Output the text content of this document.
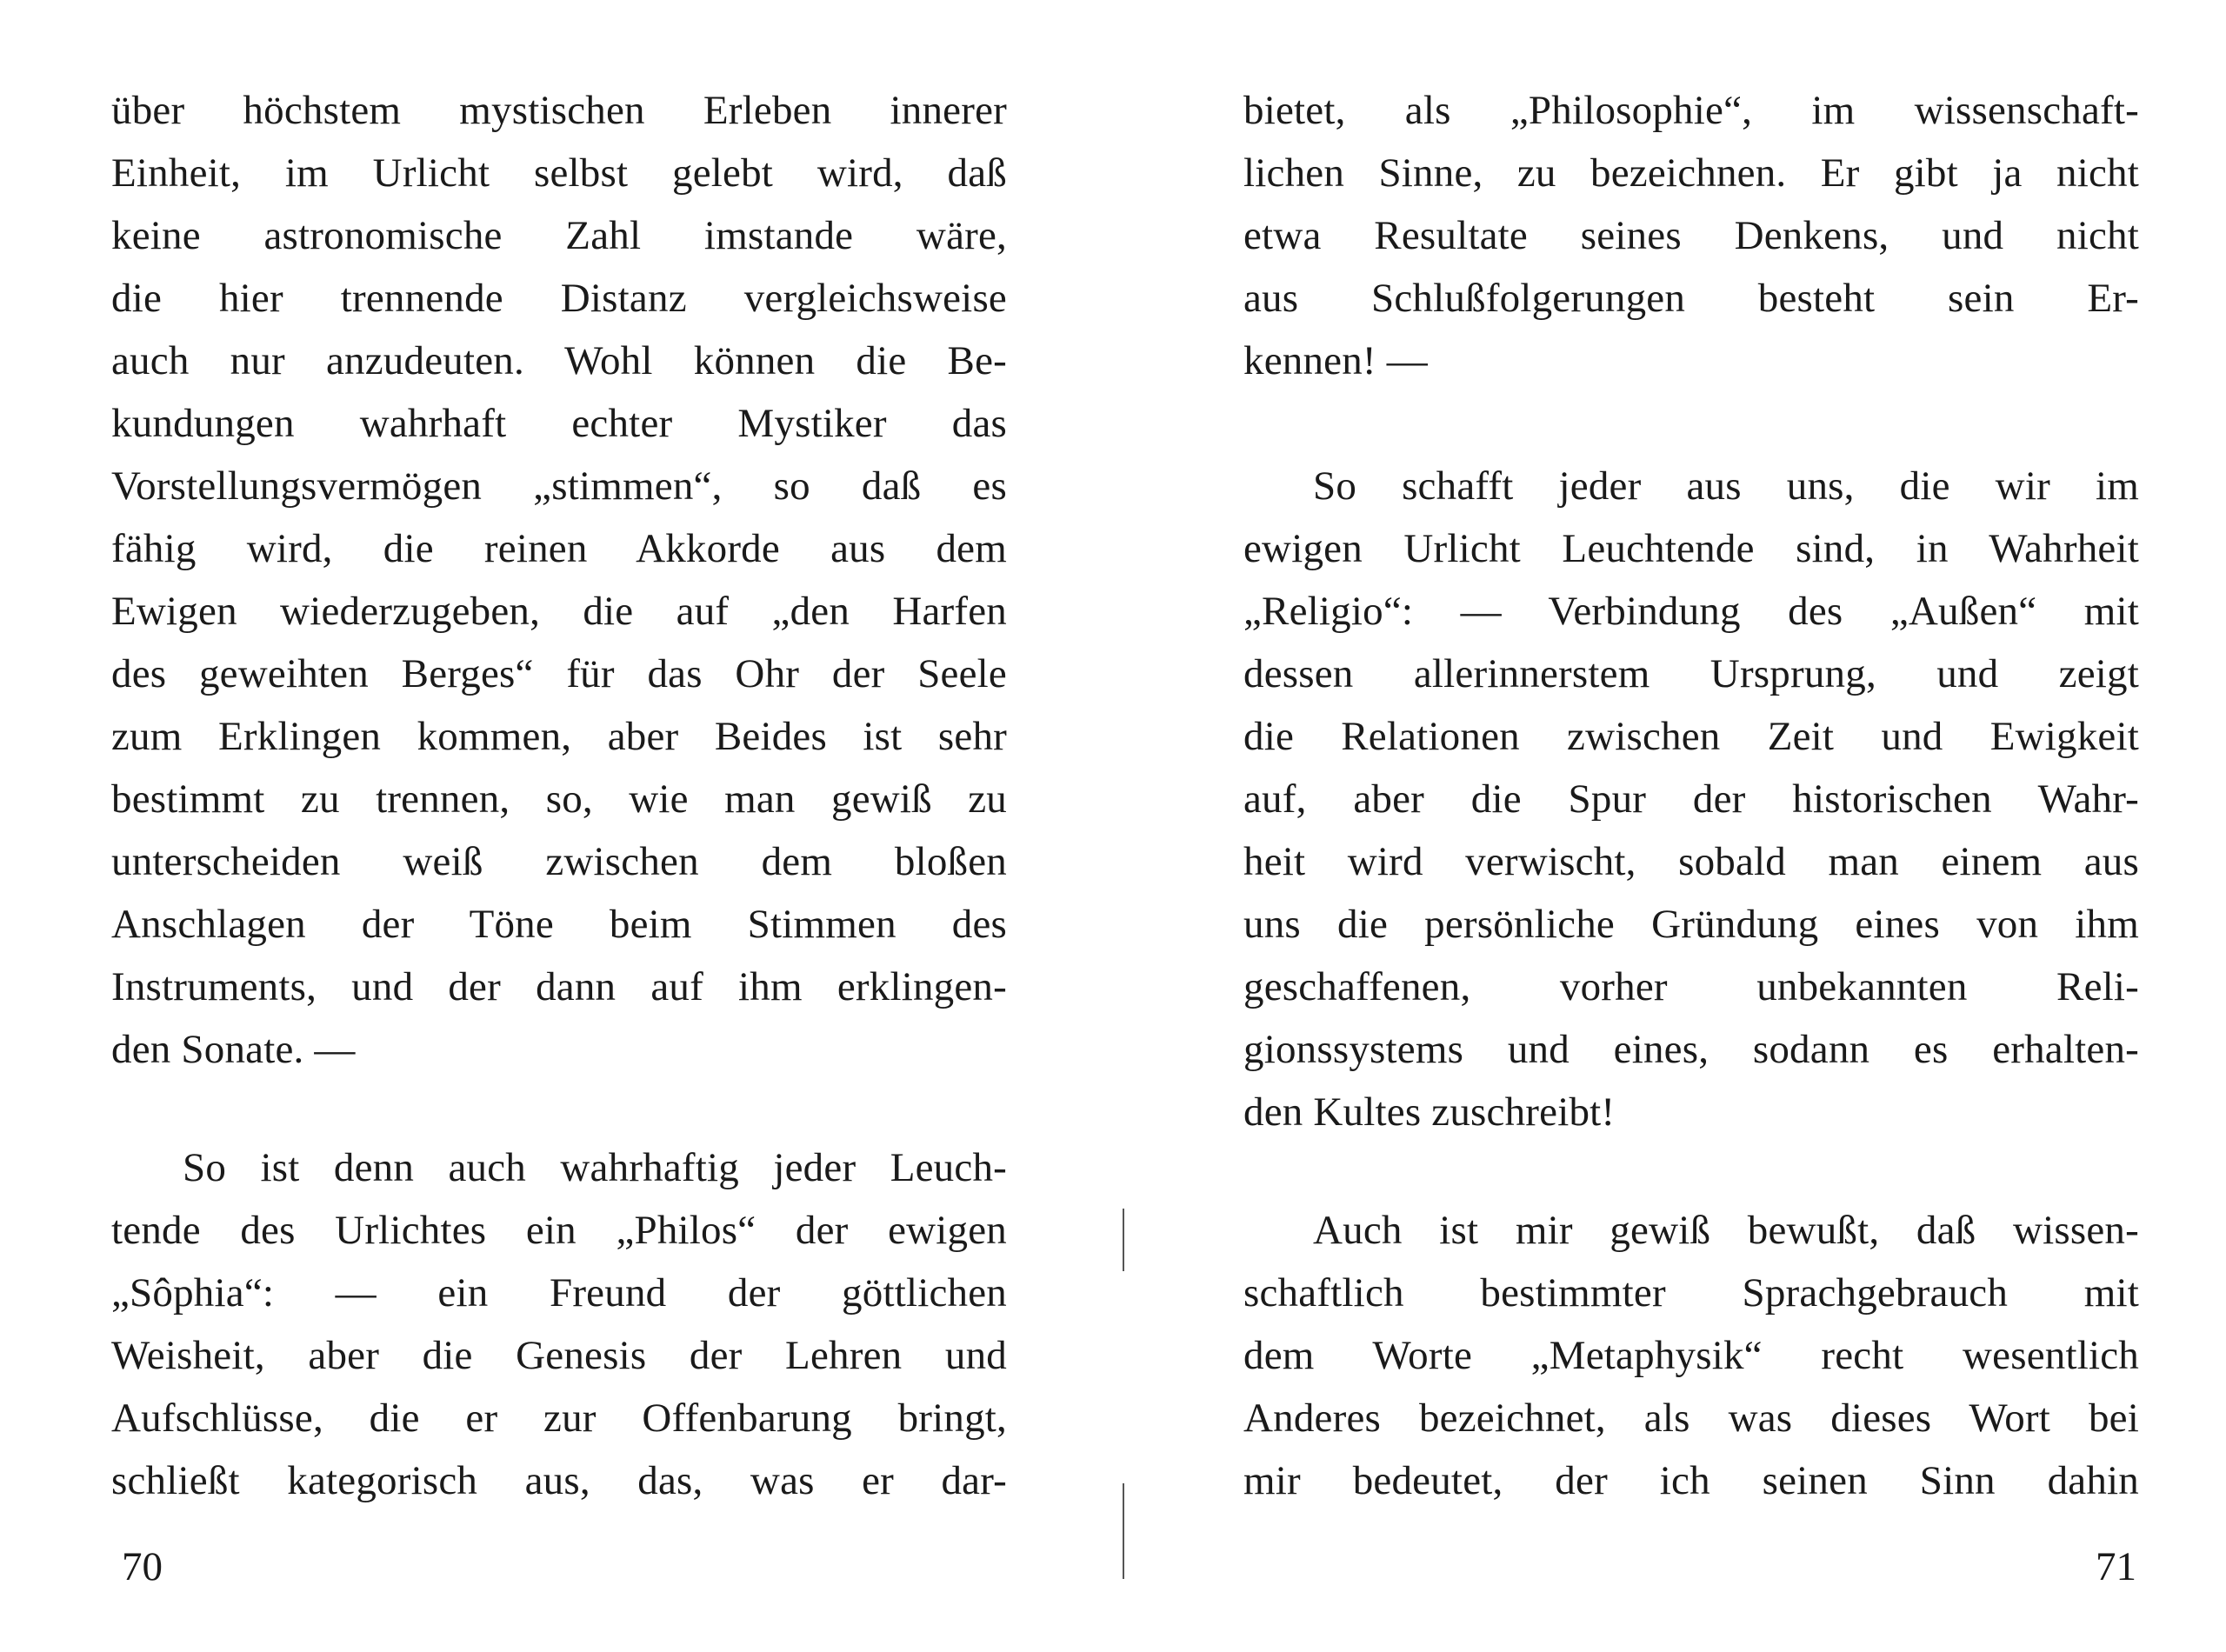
über höchstem mystischen Erleben innerer
Einheit, im Urlicht selbst gelebt wird, daß
keine astronomische Zahl imstande wäre,
die hier trennende Distanz vergleichsweise
auch nur anzudeuten. Wohl können die Be-
kundungen wahrhaft echter Mystiker das
Vorstellungsvermögen „stimmen“, so daß es
fähig wird, die reinen Akkorde aus dem
Ewigen wiederzugeben, die auf „den Harfen
des geweihten Berges“ für das Ohr der Seele
zum Erklingen kommen, aber Beides ist sehr
bestimmt zu trennen, so, wie man gewiß zu
unterscheiden weiß zwischen dem bloßen
Anschlagen der Töne beim Stimmen des
Instruments, und der dann auf ihm erklingen-
den Sonate. —
So ist denn auch wahrhaftig jeder Leuch-
tende des Urlichtes ein „Philos“ der ewigen
„Sôphia“: — ein Freund der göttlichen
Weisheit, aber die Genesis der Lehren und
Aufschlüsse, die er zur Offenbarung bringt,
schließt kategorisch aus, das, was er dar-
70
bietet, als „Philosophie“, im wissenschaft-
lichen Sinne, zu bezeichnen. Er gibt ja nicht
etwa Resultate seines Denkens, und nicht
aus Schlußfolgerungen besteht sein Er-
kennen! —
So schafft jeder aus uns, die wir im
ewigen Urlicht Leuchtende sind, in Wahrheit
„Religio“: — Verbindung des „Außen“ mit
dessen allerinnerstem Ursprung, und zeigt
die Relationen zwischen Zeit und Ewigkeit
auf, aber die Spur der historischen Wahr-
heit wird verwischt, sobald man einem aus
uns die persönliche Gründung eines von ihm
geschaffenen, vorher unbekannten Reli-
gionssystems und eines, sodann es erhalten-
den Kultes zuschreibt!
Auch ist mir gewiß bewußt, daß wissen-
schaftlich bestimmter Sprachgebrauch mit
dem Worte „Metaphysik“ recht wesentlich
Anderes bezeichnet, als was dieses Wort bei
mir bedeutet, der ich seinen Sinn dahin
71
